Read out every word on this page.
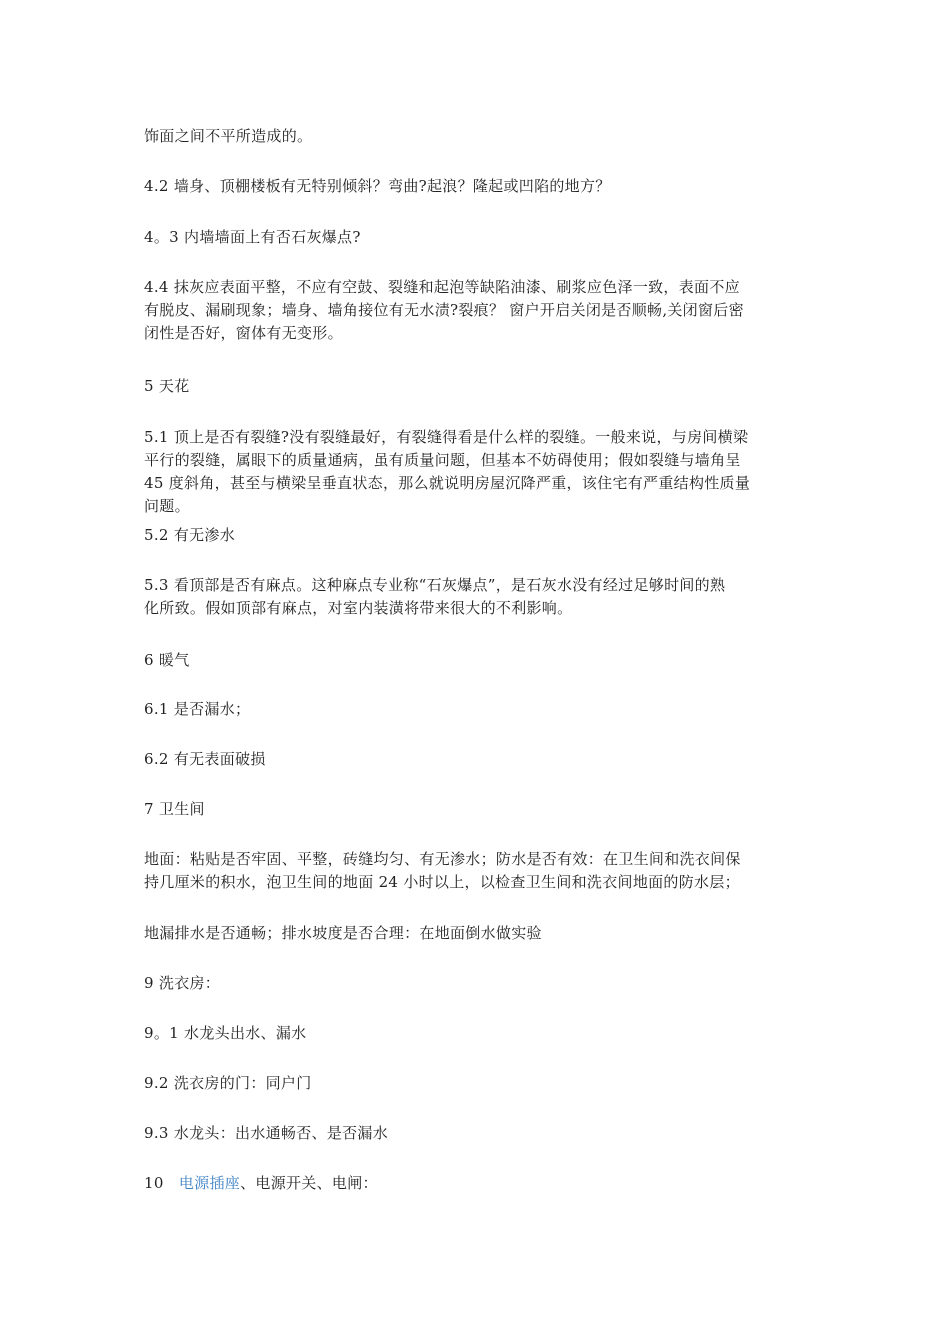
饰面之间不平所造成的。

4.2 墙身、顶棚楼板有无特别倾斜？弯曲?起浪？隆起或凹陷的地方？

4。3 内墙墙面上有否石灰爆点?

4.4 抹灰应表面平整，不应有空鼓、裂缝和起泡等缺陷油漆、刷浆应色泽一致，表面不应
有脱皮、漏刷现象；墙身、墙角接位有无水渍?裂痕？ 窗户开启关闭是否顺畅,关闭窗后密
闭性是否好，窗体有无变形。

5 天花

5.1 顶上是否有裂缝?没有裂缝最好，有裂缝得看是什么样的裂缝。一般来说，与房间横梁
平行的裂缝，属眼下的质量通病，虽有质量问题，但基本不妨碍使用；假如裂缝与墙角呈
45 度斜角，甚至与横梁呈垂直状态，那么就说明房屋沉降严重，该住宅有严重结构性质量
问题。

5.2 有无渗水

5.3 看顶部是否有麻点。这种麻点专业称“石灰爆点”，是石灰水没有经过足够时间的熟
化所致。假如顶部有麻点，对室内装潢将带来很大的不利影响。

6 暖气

6.1 是否漏水；

6.2 有无表面破损

7 卫生间

地面：粘贴是否牢固、平整，砖缝均匀、有无渗水；防水是否有效：在卫生间和洗衣间保
持几厘米的积水，泡卫生间的地面 24 小时以上，以检查卫生间和洗衣间地面的防水层；

地漏排水是否通畅；排水坡度是否合理：在地面倒水做实验

9 洗衣房：

9。1 水龙头出水、漏水

9.2 洗衣房的门：同户门

9.3 水龙头：出水通畅否、是否漏水

10 电源插座、电源开关、电闸：
